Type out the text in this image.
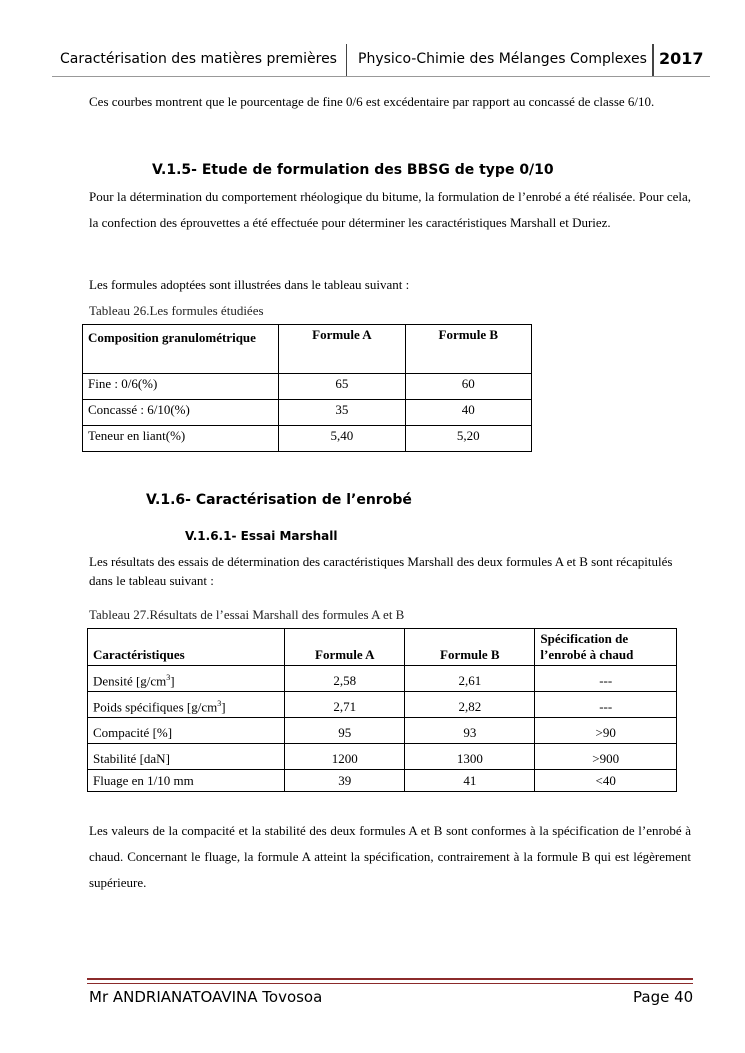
Caractérisation des matières premières Physico-Chimie des Mélanges Complexes 2017
Ces courbes montrent que le pourcentage de fine 0/6 est excédentaire par rapport au concassé de classe 6/10.
V.1.5- Etude de formulation des BBSG de type 0/10
Pour la détermination du comportement rhéologique du bitume, la formulation de l’enrobé a été réalisée. Pour cela, la confection des éprouvettes a été effectuée pour déterminer les caractéristiques Marshall et Duriez.
Les formules adoptées sont illustrées dans le tableau suivant :
Tableau 26.Les formules étudiées
Composition granulométrique	Formule A	Formule B
Fine : 0/6(%)	65	60
Concassé : 6/10(%)	35	40
Teneur en liant(%)	5,40	5,20
V.1.6- Caractérisation de l’enrobé
V.1.6.1- Essai Marshall
Les résultats des essais de détermination des caractéristiques Marshall des deux formules A et B sont récapitulés dans le tableau suivant :
Tableau 27.Résultats de l’essai Marshall des formules A et B
Caractéristiques	Formule A	Formule B	Spécification de l’enrobé à chaud
Densité $[g/cm^3]$	2,58	2,61	---
Poids spécifiques $[g/cm^3]$	2,71	2,82	---
Compacité [%]	95	93	>90
Stabilité [daN]	1200	1300	>900
Fluage en 1/10 mm	39	41	<40
Les valeurs de la compacité et la stabilité des deux formules A et B sont conformes à la spécification de l’enrobé à chaud. Concernant le fluage, la formule A atteint la spécification, contrairement à la formule B qui est légèrement supérieure.
Mr ANDRIANATOAVINA Tovosoa	Page 40
